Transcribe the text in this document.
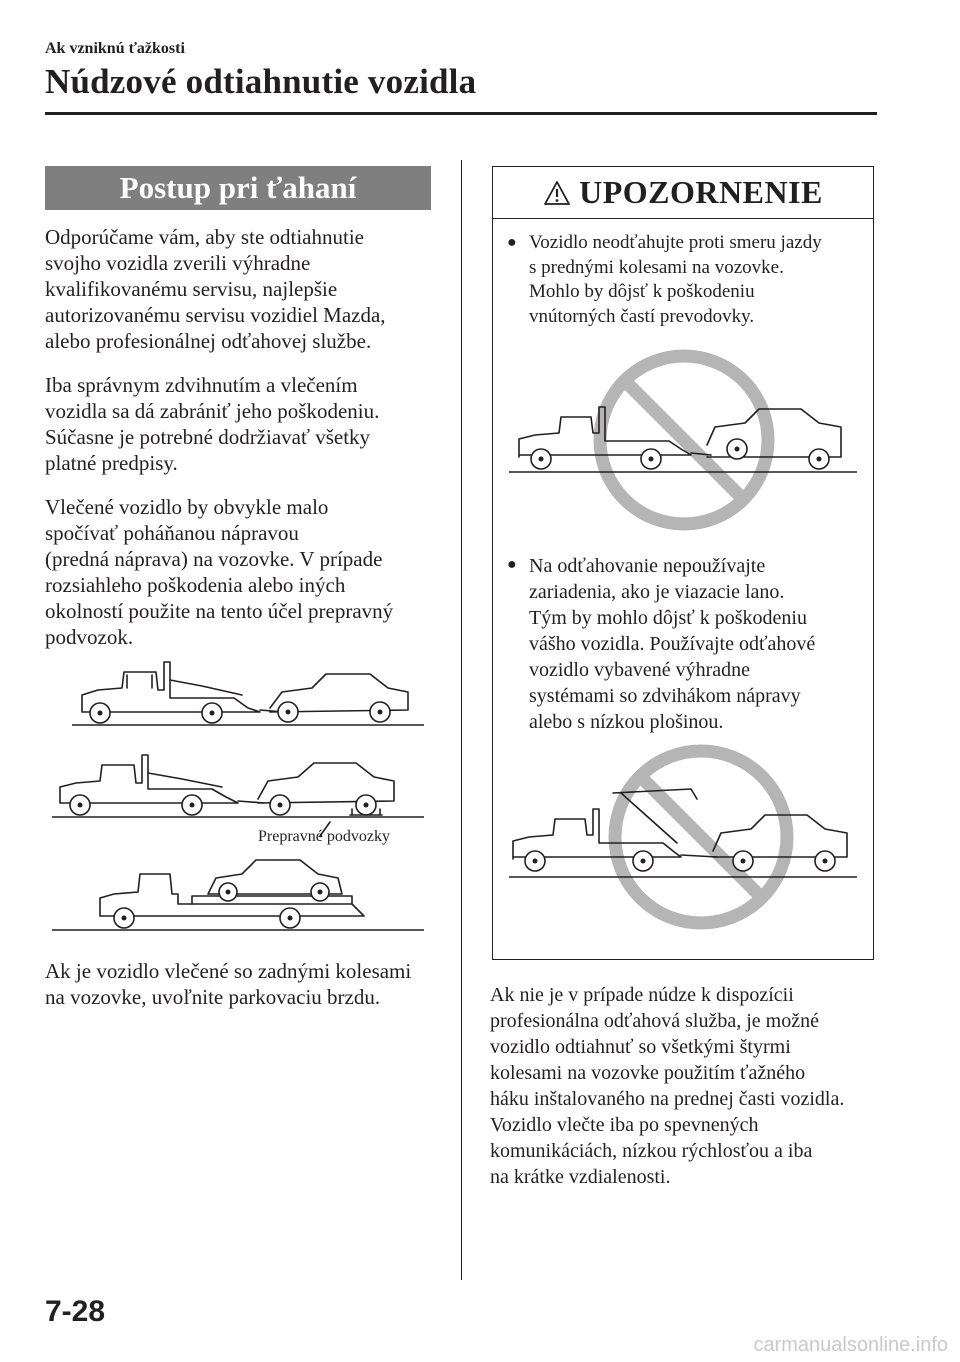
Ak vzniknú ťažkosti
Núdzové odtiahnutie vozidla
Postup pri ťahaní
Odporúčame vám, aby ste odtiahnutie
svojho vozidla zverili výhradne
kvalifikovanému servisu, najlepšie
autorizovanému servisu vozidiel Mazda,
alebo profesionálnej odťahovej službe.
Iba správnym zdvihnutím a vlečením
vozidla sa dá zabrániť jeho poškodeniu.
Súčasne je potrebné dodržiavať všetky
platné predpisy.
Vlečené vozidlo by obvykle malo
spočívať poháňanou nápravou
(predná náprava) na vozovke. V prípade
rozsiahleho poškodenia alebo iných
okolností použite na tento účel prepravný
podvozok.
Prepravné podvozky
Ak je vozidlo vlečené so zadnými kolesami
na vozovke, uvoľnite parkovaciu brzdu.
UPOZORNENIE
● Vozidlo neodťahujte proti smeru jazdy
s prednými kolesami na vozovke.
Mohlo by dôjsť k poškodeniu
vnútorných častí prevodovky.
● Na odťahovanie nepoužívajte
zariadenia, ako je viazacie lano.
Tým by mohlo dôjsť k poškodeniu
vášho vozidla. Používajte odťahové
vozidlo vybavené výhradne
systémami so zdvihákom nápravy
alebo s nízkou plošinou.
Ak nie je v prípade núdze k dispozícii
profesionálna odťahová služba, je možné
vozidlo odtiahnuť so všetkými štyrmi
kolesami na vozovke použitím ťažného
háku inštalovaného na prednej časti vozidla.
Vozidlo vlečte iba po spevnených
komunikáciách, nízkou rýchlosťou a iba
na krátke vzdialenosti.
7-28
carmanualsonline.info
